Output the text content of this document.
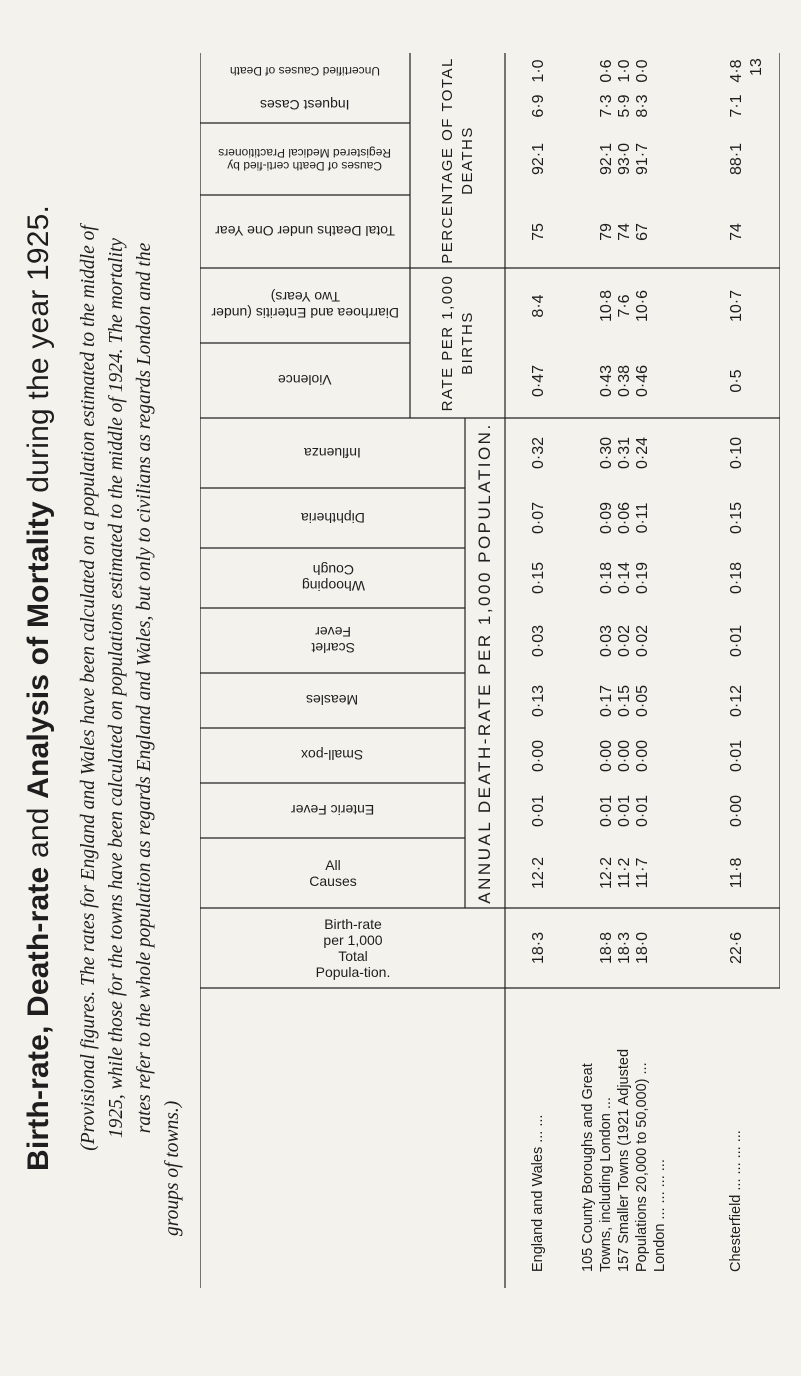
Birth-rate, Death-rate and Analysis of Mortality during the year 1925. (Provisional figures. The rates for England and Wales have been calculated on a population estimated to the middle of 1925, while those for the towns have been calculated on populations estimated to the middle of 1924. The mortality rates refer to the whole population as regards England and Wales, but only to civilians as regards London and the
groups of towns.)
Birth-rate per 1,000 Total Popula-tion.
ANNUAL DEATH-RATE PER 1,000 POPULATION.
RATE PER 1,000 BIRTHS
PERCENTAGE OF TOTAL DEATHS
All Causes
Enteric Fever
Small-pox
Measles
Scarlet Fever
Whooping Cough
Diphtheria
Influenza
Violence
Diarrhoea and Enteritis (under Two Years)
Total Deaths under One Year
Causes of Death certi-fied by Registered Medical Practitioners
Inquest Cases
Uncertified Causes of Death
England and Wales ... ... 105 County Boroughs and Great Towns, including London ... 157 Smaller Towns (1921 Adjusted Populations 20,000 to 50,000) ... London ... ... ... ...	Chesterfield ... ... ... ...
18·3
12·2
0·01
0·00
0·13
0·03
0·15
0·07
0·32
0·47
8·4
75
92·1
6·9
1·0
18·8
12·2
0·01
0·00
0·17
0·03
0·18
0·09
0·30
0·43
10·8
79
92·1
7·3
0·6
18·3
11·2
0·01
0·00
0·15
0·02
0·14
0·06
0·31
0·38
7·6
74
93·0
5·9
1·0
18·0
11·7
0·01
0·00
0·05
0·02
0·19
0·11
0·24
0·46
10·6
67
91·7
8·3
0·0
22·6
11·8
0·00
0·01
0·12
0·01
0·18
0·15
0·10
0·5
10·7
74
88·1
7·1
4·8 13
